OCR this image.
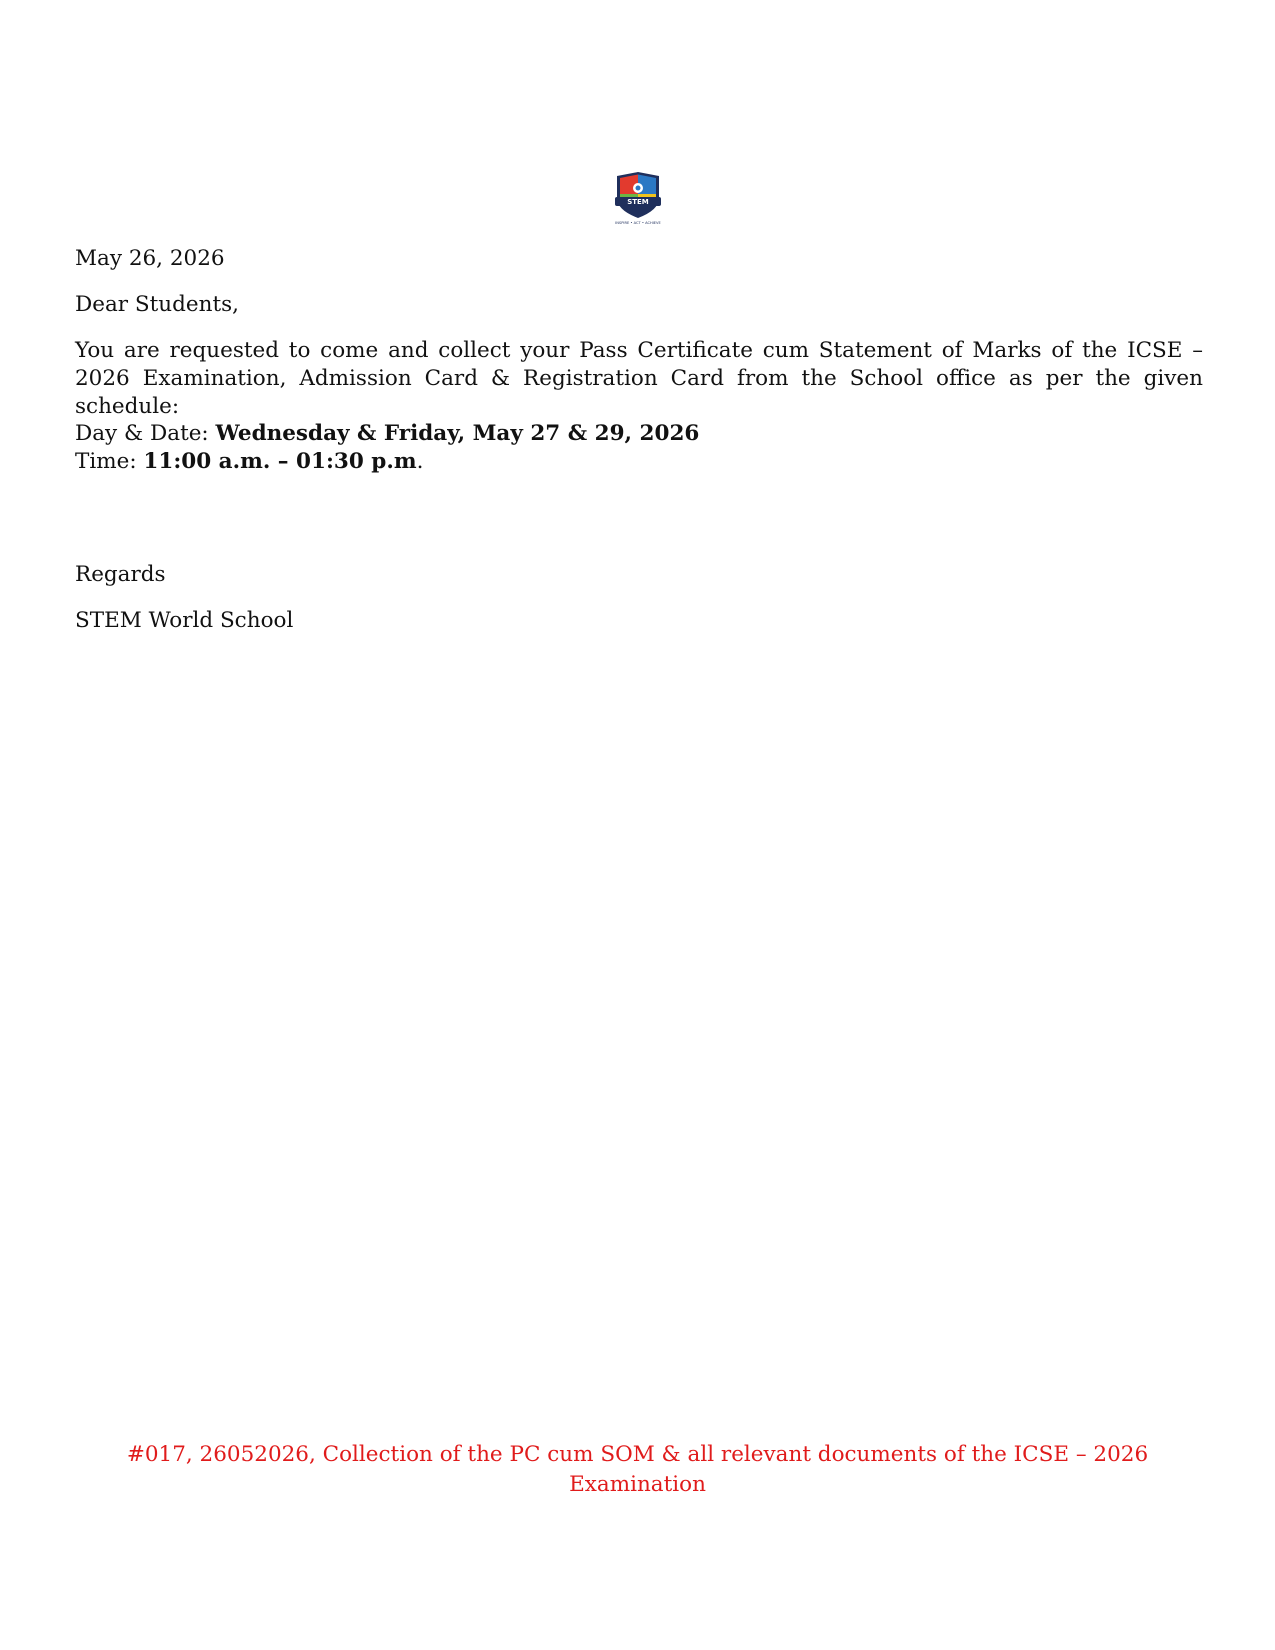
STEM
INSPIRE • ACT • ACHIEVE
May 26, 2026
Dear Students,
You are requested to come and collect your Pass Certificate cum Statement of Marks of the ICSE – 2026 Examination, Admission Card & Registration Card from the School office as per the given schedule:
Day & Date: Wednesday & Friday, May 27 & 29, 2026
Time: 11:00 a.m. – 01:30 p.m.
Regards
STEM World School
#017, 26052026, Collection of the PC cum SOM & all relevant documents of the ICSE – 2026 Examination
